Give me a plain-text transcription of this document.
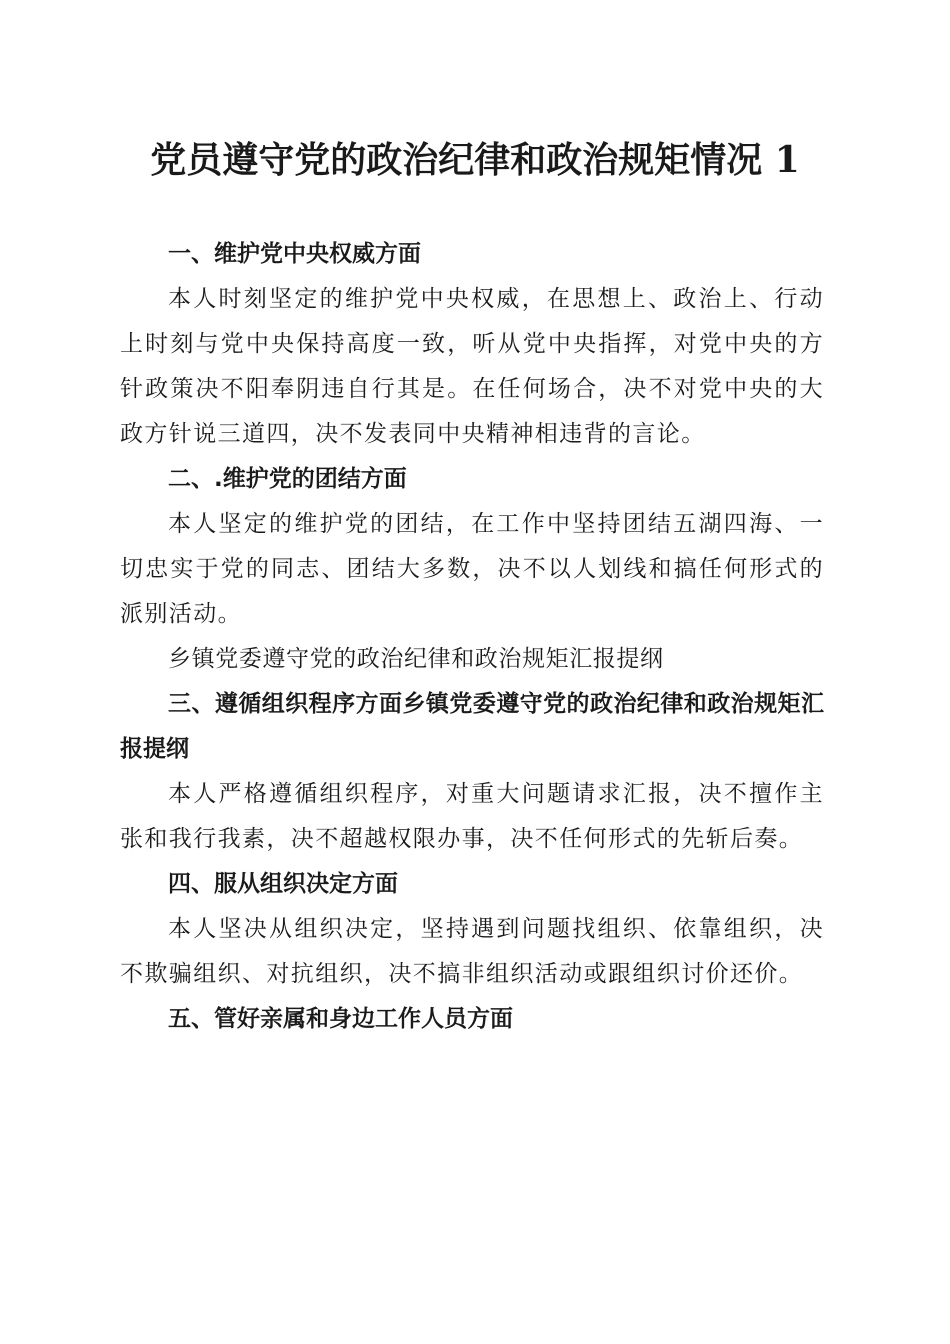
党员遵守党的政治纪律和政治规矩情况 1

一、维护党中央权威方面

本人时刻坚定的维护党中央权威，在思想上、政治上、行动上时刻与党中央保持高度一致，听从党中央指挥，对党中央的方针政策决不阳奉阴违自行其是。在任何场合，决不对党中央的大政方针说三道四，决不发表同中央精神相违背的言论。

二、.维护党的团结方面

本人坚定的维护党的团结，在工作中坚持团结五湖四海、一切忠实于党的同志、团结大多数，决不以人划线和搞任何形式的派别活动。

乡镇党委遵守党的政治纪律和政治规矩汇报提纲

三、遵循组织程序方面乡镇党委遵守党的政治纪律和政治规矩汇报提纲

本人严格遵循组织程序，对重大问题请求汇报，决不擅作主张和我行我素，决不超越权限办事，决不任何形式的先斩后奏。

四、服从组织决定方面

本人坚决从组织决定，坚持遇到问题找组织、依靠组织，决不欺骗组织、对抗组织，决不搞非组织活动或跟组织讨价还价。

五、管好亲属和身边工作人员方面
